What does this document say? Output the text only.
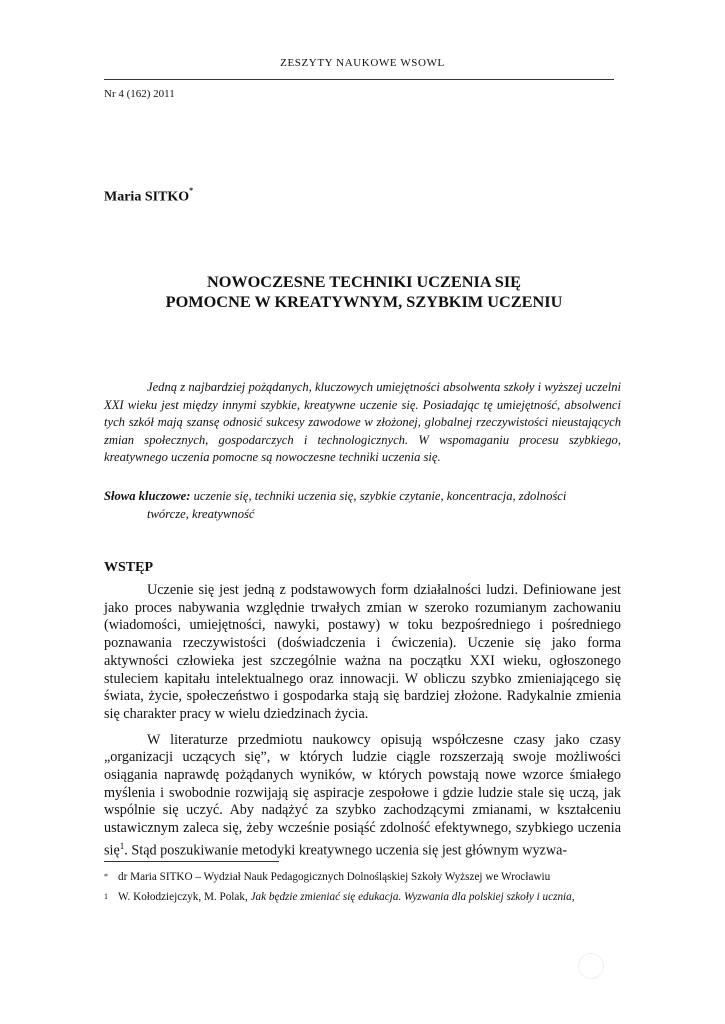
ZESZYTY NAUKOWE WSOWL
Nr 4 (162) 2011
Maria SITKO*
NOWOCZESNE TECHNIKI UCZENIA SIĘ
POMOCNE W KREATYWNYM, SZYBKIM UCZENIU
Jedną z najbardziej pożądanych, kluczowych umiejętności absolwenta szkoły i wyższej uczelni XXI wieku jest między innymi szybkie, kreatywne uczenie się. Posiadając tę umiejętność, absolwenci tych szkół mają szansę odnosić sukcesy zawodowe w złożonej, globalnej rzeczywistości nieustających zmian społecznych, gospodarczych i technologicznych. W wspomaganiu procesu szybkiego, kreatywnego uczenia pomocne są nowoczesne techniki uczenia się.
Słowa kluczowe: uczenie się, techniki uczenia się, szybkie czytanie, koncentracja, zdolności
twórcze, kreatywność
WSTĘP

Uczenie się jest jedną z podstawowych form działalności ludzi. Definiowane jest jako proces nabywania względnie trwałych zmian w szeroko rozumianym zachowaniu (wiadomości, umiejętności, nawyki, postawy) w toku bezpośredniego i pośredniego poznawania rzeczywistości (doświadczenia i ćwiczenia). Uczenie się jako forma aktywności człowieka jest szczególnie ważna na początku XXI wieku, ogłoszonego stuleciem kapitału intelektualnego oraz innowacji. W obliczu szybko zmieniającego się świata, życie, społeczeństwo i gospodarka stają się bardziej złożone. Radykalnie zmienia się charakter pracy w wielu dziedzinach życia.

W literaturze przedmiotu naukowcy opisują współczesne czasy jako czasy „organizacji uczących się”, w których ludzie ciągle rozszerzają swoje możliwości osiągania naprawdę pożądanych wyników, w których powstają nowe wzorce śmiałego myślenia i swobodnie rozwijają się aspiracje zespołowe i gdzie ludzie stale się uczą, jak wspólnie się uczyć. Aby nadążyć za szybko zachodzącymi zmianami, w kształceniu ustawicznym zaleca się, żeby wcześnie posiąść zdolność efektywnego, szybkiego uczenia się$^1$. Stąd poszukiwanie metodyki kreatywnego uczenia się jest głównym wyzwa-

* dr Maria SITKO – Wydział Nauk Pedagogicznych Dolnośląskiej Szkoły Wyższej we Wrocławiu
1 W. Kołodziejczyk, M. Polak, Jak będzie zmieniać się edukacja. Wyzwania dla polskiej szkoły i ucznia,
